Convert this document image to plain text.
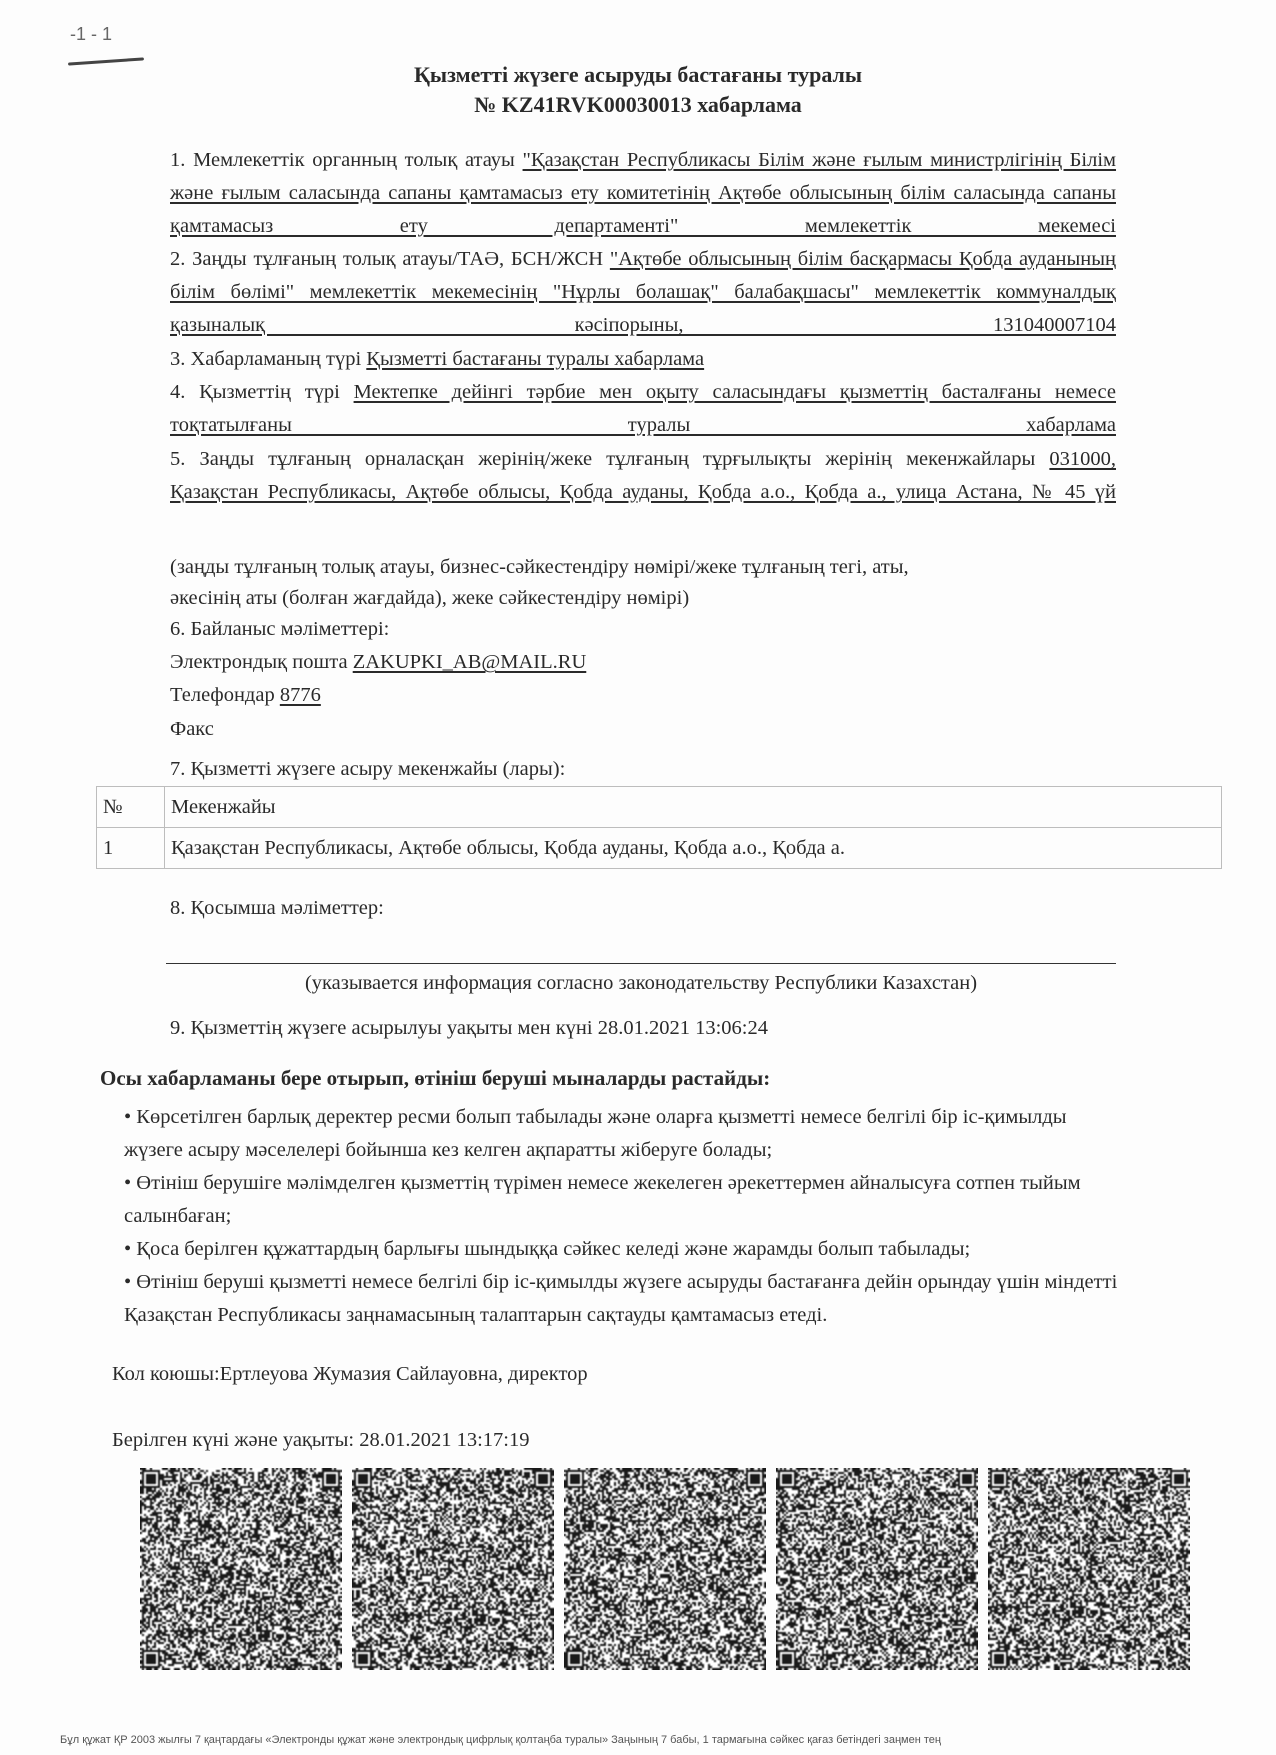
-1 - 1
Қызметті жүзеге асыруды бастағаны туралы
№ KZ41RVK00030013 хабарлама
1. Мемлекеттік органның толық атауы "Қазақстан Республикасы Білім және ғылым министрлігінің Білім және ғылым саласында сапаны қамтамасыз ету комитетінің Ақтөбе облысының білім саласында сапаны қамтамасыз ету департаменті" мемлекеттік мекемесі
2. Заңды тұлғаның толық атауы/ТАӘ, БСН/ЖСН "Ақтөбе облысының білім басқармасы Қобда ауданының білім бөлімі" мемлекеттік мекемесінің "Нұрлы болашақ" балабақшасы" мемлекеттік коммуналдық қазыналық кәсіпорыны, 131040007104
3. Хабарламаның түрі Қызметті бастағаны туралы хабарлама
4. Қызметтің түрі Мектепке дейінгі тәрбие мен оқыту саласындағы қызметтің басталғаны немесе тоқтатылғаны туралы хабарлама
5. Заңды тұлғаның орналасқан жерінің/жеке тұлғаның тұрғылықты жерінің мекенжайлары 031000, Қазақстан Республикасы, Ақтөбе облысы, Қобда ауданы, Қобда а.о., Қобда а., улица Астана, № 45 үй
(заңды тұлғаның толық атауы, бизнес-сәйкестендіру нөмірі/жеке тұлғаның тегі, аты,
әкесінің аты (болған жағдайда), жеке сәйкестендіру нөмірі)
6. Байланыс мәліметтері:
Электрондық пошта ZAKUPKI_AB@MAIL.RU
Телефондар 8776
Факс
7. Қызметті жүзеге асыру мекенжайы (лары):
№	Мекенжайы
1	Қазақстан Республикасы, Ақтөбе облысы, Қобда ауданы, Қобда а.о., Қобда а.
8. Қосымша мәліметтер:
(указывается информация согласно законодательству Республики Казахстан)
9. Қызметтің жүзеге асырылуы уақыты мен күні 28.01.2021 13:06:24
Осы хабарламаны бере отырып, өтініш беруші мыналарды растайды:
• Көрсетілген барлық деректер ресми болып табылады және оларға қызметті немесе белгілі бір іс-қимылды жүзеге асыру мәселелері бойынша кез келген ақпаратты жіберуге болады;
• Өтініш берушіге мәлімделген қызметтің түрімен немесе жекелеген әрекеттермен айналысуға сотпен тыйым салынбаған;
• Қоса берілген құжаттардың барлығы шындыққа сәйкес келеді және жарамды болып табылады;
• Өтініш беруші қызметті немесе белгілі бір іс-қимылды жүзеге асыруды бастағанға дейін орындау үшін міндетті Қазақстан Республикасы заңнамасының талаптарын сақтауды қамтамасыз етеді.
Кол коюшы:Ертлеуова Жумазия Сайлауовна, директор
Берілген күні және уақыты: 28.01.2021 13:17:19
Бұл құжат ҚР 2003 жылғы 7 қаңтардағы «Электронды құжат және электрондық цифрлық қолтаңба туралы» Заңының 7 бабы, 1 тармағына сәйкес қағаз бетіндегі заңмен тең
